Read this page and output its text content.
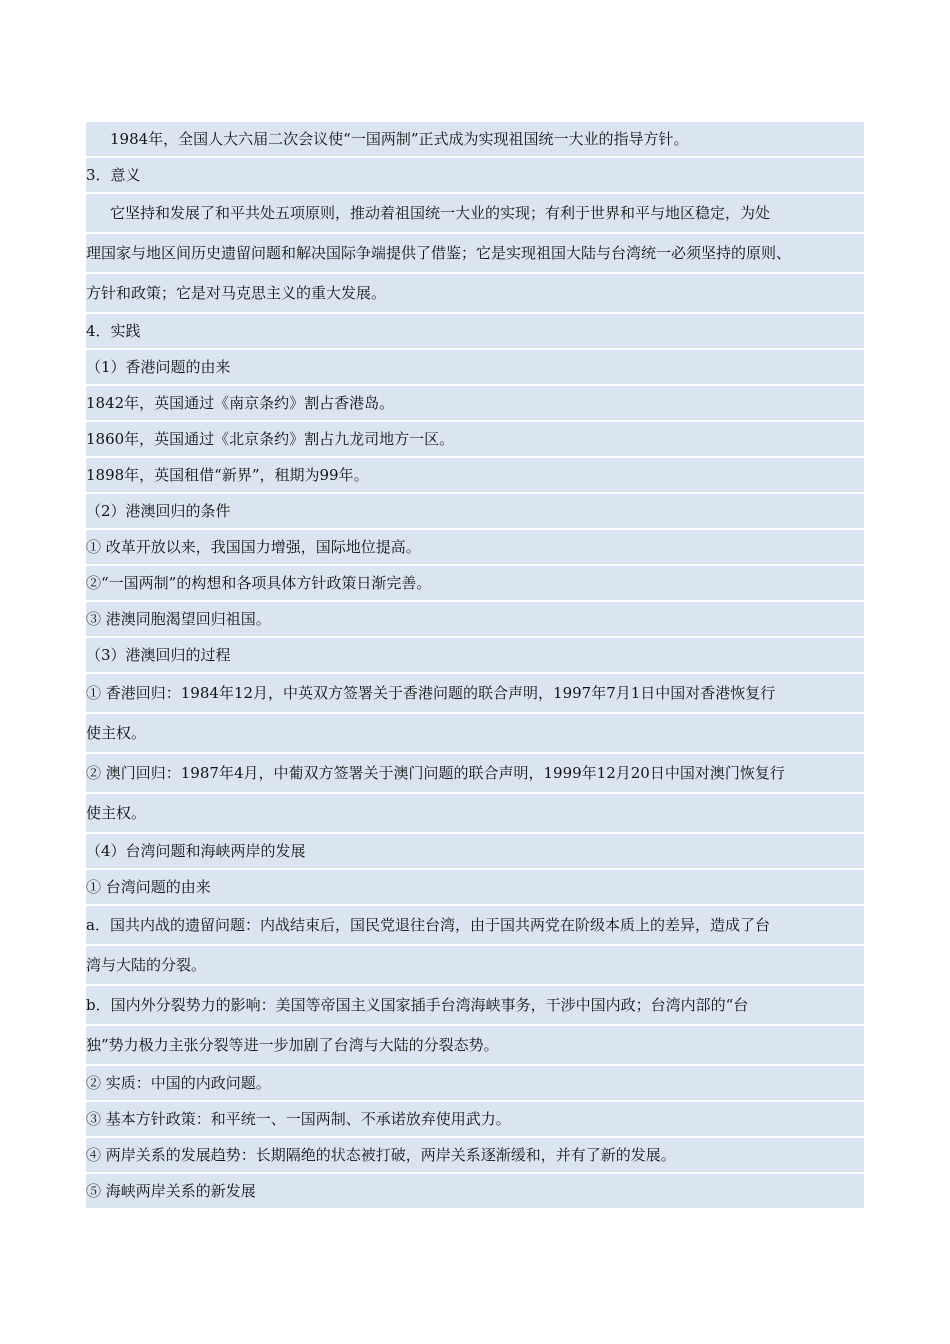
1984年，全国人大六届二次会议使“一国两制”正式成为实现祖国统一大业的指导方针。
3．意义
它坚持和发展了和平共处五项原则，推动着祖国统一大业的实现；有利于世界和平与地区稳定，为处
理国家与地区间历史遗留问题和解决国际争端提供了借鉴；它是实现祖国大陆与台湾统一必须坚持的原则、
方针和政策；它是对马克思主义的重大发展。
4．实践
（1）香港问题的由来
1842年，英国通过《南京条约》割占香港岛。
1860年，英国通过《北京条约》割占九龙司地方一区。
1898年，英国租借“新界”，租期为99年。
（2）港澳回归的条件
① 改革开放以来，我国国力增强，国际地位提高。
②“一国两制”的构想和各项具体方针政策日渐完善。
③ 港澳同胞渴望回归祖国。
（3）港澳回归的过程
① 香港回归：1984年12月，中英双方签署关于香港问题的联合声明，1997年7月1日中国对香港恢复行
使主权。
② 澳门回归：1987年4月，中葡双方签署关于澳门问题的联合声明，1999年12月20日中国对澳门恢复行
使主权。
（4）台湾问题和海峡两岸的发展
① 台湾问题的由来
a．国共内战的遗留问题：内战结束后，国民党退往台湾，由于国共两党在阶级本质上的差异，造成了台
湾与大陆的分裂。
b．国内外分裂势力的影响：美国等帝国主义国家插手台湾海峡事务，干涉中国内政；台湾内部的“台
独”势力极力主张分裂等进一步加剧了台湾与大陆的分裂态势。
② 实质：中国的内政问题。
③ 基本方针政策：和平统一、一国两制、不承诺放弃使用武力。
④ 两岸关系的发展趋势：长期隔绝的状态被打破，两岸关系逐渐缓和，并有了新的发展。
⑤ 海峡两岸关系的新发展
